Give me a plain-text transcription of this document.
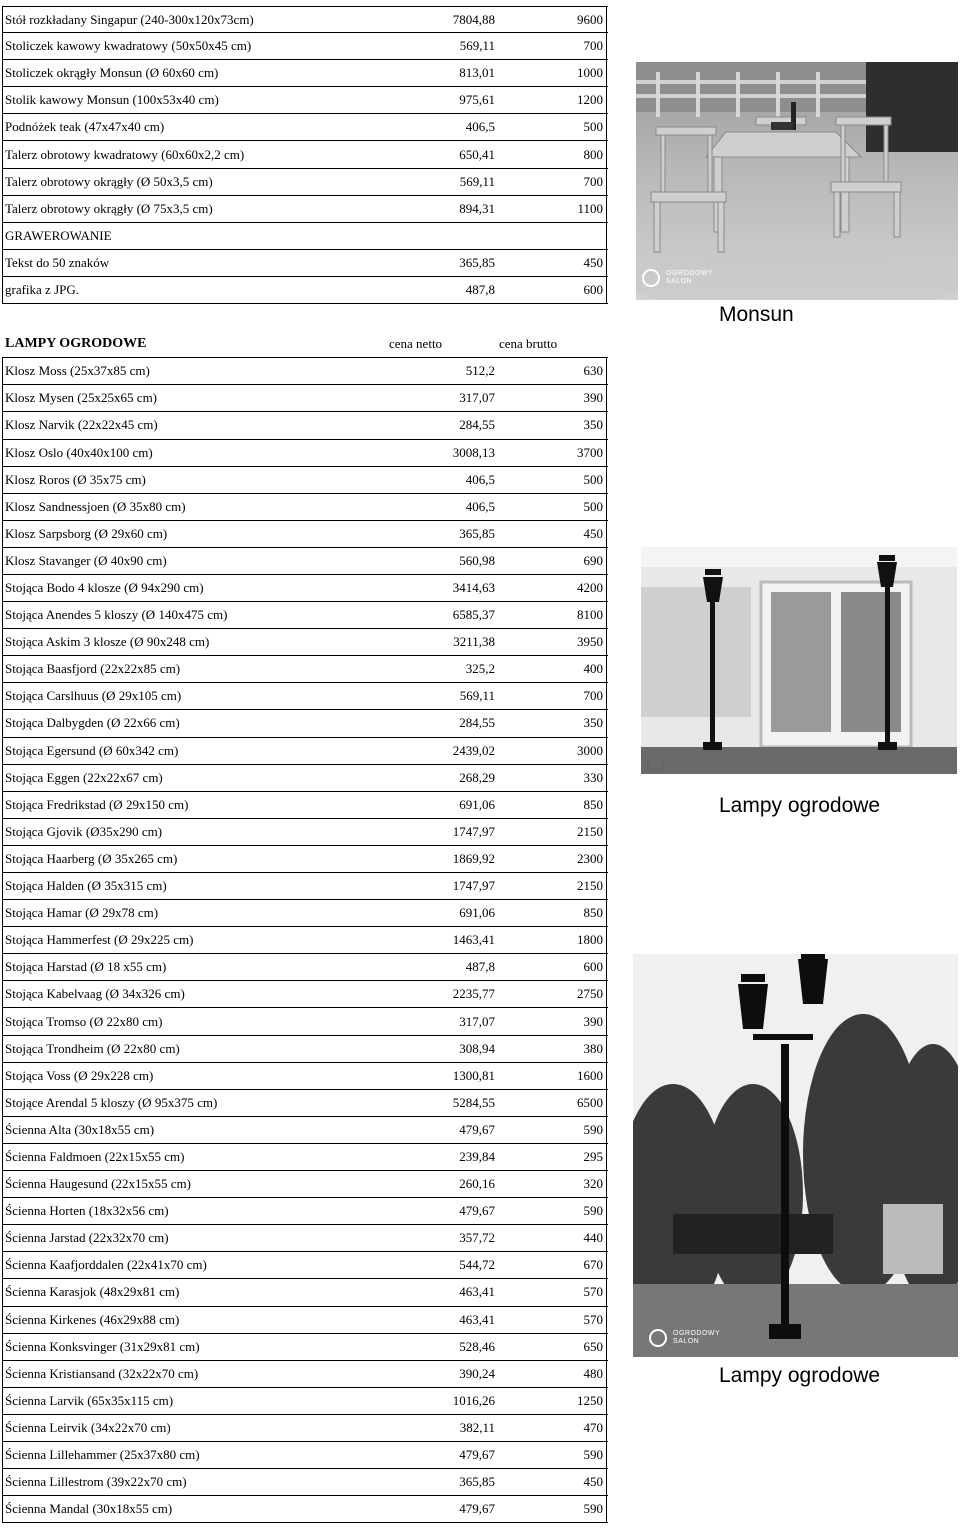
Stół rozkładany Singapur (240-300x120x73cm)	7804,88	9600
Stoliczek kawowy kwadratowy (50x50x45 cm)	569,11	700
Stoliczek okrągły Monsun (Ø 60x60 cm)	813,01	1000
Stolik kawowy Monsun (100x53x40 cm)	975,61	1200
Podnóżek teak (47x47x40 cm)	406,5	500
Talerz obrotowy kwadratowy (60x60x2,2 cm)	650,41	800
Talerz obrotowy okrągły (Ø 50x3,5 cm)	569,11	700
Talerz obrotowy okrągły (Ø 75x3,5 cm)	894,31	1100
GRAWEROWANIE
Tekst do 50 znaków	365,85	450
grafika z JPG.	487,8	600
LAMPY OGRODOWE	cena netto	cena brutto
Klosz Moss (25x37x85 cm)	512,2	630
Klosz Mysen (25x25x65 cm)	317,07	390
Klosz Narvik (22x22x45 cm)	284,55	350
Klosz Oslo (40x40x100 cm)	3008,13	3700
Klosz Roros (Ø 35x75 cm)	406,5	500
Klosz Sandnessjoen (Ø 35x80 cm)	406,5	500
Klosz Sarpsborg (Ø 29x60 cm)	365,85	450
Klosz Stavanger (Ø 40x90 cm)	560,98	690
Stojąca Bodo 4 klosze (Ø 94x290 cm)	3414,63	4200
Stojąca Anendes 5 kloszy (Ø 140x475 cm)	6585,37	8100
Stojąca Askim 3 klosze (Ø 90x248 cm)	3211,38	3950
Stojąca Baasfjord (22x22x85 cm)	325,2	400
Stojąca Carslhuus (Ø 29x105 cm)	569,11	700
Stojąca Dalbygden (Ø 22x66 cm)	284,55	350
Stojąca Egersund (Ø 60x342 cm)	2439,02	3000
Stojąca Eggen (22x22x67 cm)	268,29	330
Stojąca Fredrikstad (Ø 29x150 cm)	691,06	850
Stojąca Gjovik (Ø35x290 cm)	1747,97	2150
Stojąca Haarberg (Ø 35x265 cm)	1869,92	2300
Stojąca Halden (Ø 35x315 cm)	1747,97	2150
Stojąca Hamar (Ø 29x78 cm)	691,06	850
Stojąca Hammerfest (Ø 29x225 cm)	1463,41	1800
Stojąca Harstad (Ø 18 x55 cm)	487,8	600
Stojąca Kabelvaag (Ø 34x326 cm)	2235,77	2750
Stojąca Tromso (Ø 22x80 cm)	317,07	390
Stojąca Trondheim (Ø 22x80 cm)	308,94	380
Stojąca Voss (Ø 29x228 cm)	1300,81	1600
Stojące Arendal 5 kloszy (Ø 95x375 cm)	5284,55	6500
Ścienna Alta (30x18x55 cm)	479,67	590
Ścienna Faldmoen (22x15x55 cm)	239,84	295
Ścienna Haugesund (22x15x55 cm)	260,16	320
Ścienna Horten (18x32x56 cm)	479,67	590
Ścienna Jarstad (22x32x70 cm)	357,72	440
Ścienna Kaafjorddalen (22x41x70 cm)	544,72	670
Ścienna Karasjok (48x29x81 cm)	463,41	570
Ścienna Kirkenes (46x29x88 cm)	463,41	570
Ścienna Konksvinger (31x29x81 cm)	528,46	650
Ścienna Kristiansand (32x22x70 cm)	390,24	480
Ścienna Larvik (65x35x115 cm)	1016,26	1250
Ścienna Leirvik (34x22x70 cm)	382,11	470
Ścienna Lillehammer (25x37x80 cm)	479,67	590
Ścienna Lillestrom (39x22x70 cm)	365,85	450
Ścienna Mandal (30x18x55 cm)	479,67	590
OGRODOWY
SALON
Monsun
OGRODOWY
SALON
Lampy ogrodowe
OGRODOWY
SALON
Lampy ogrodowe
